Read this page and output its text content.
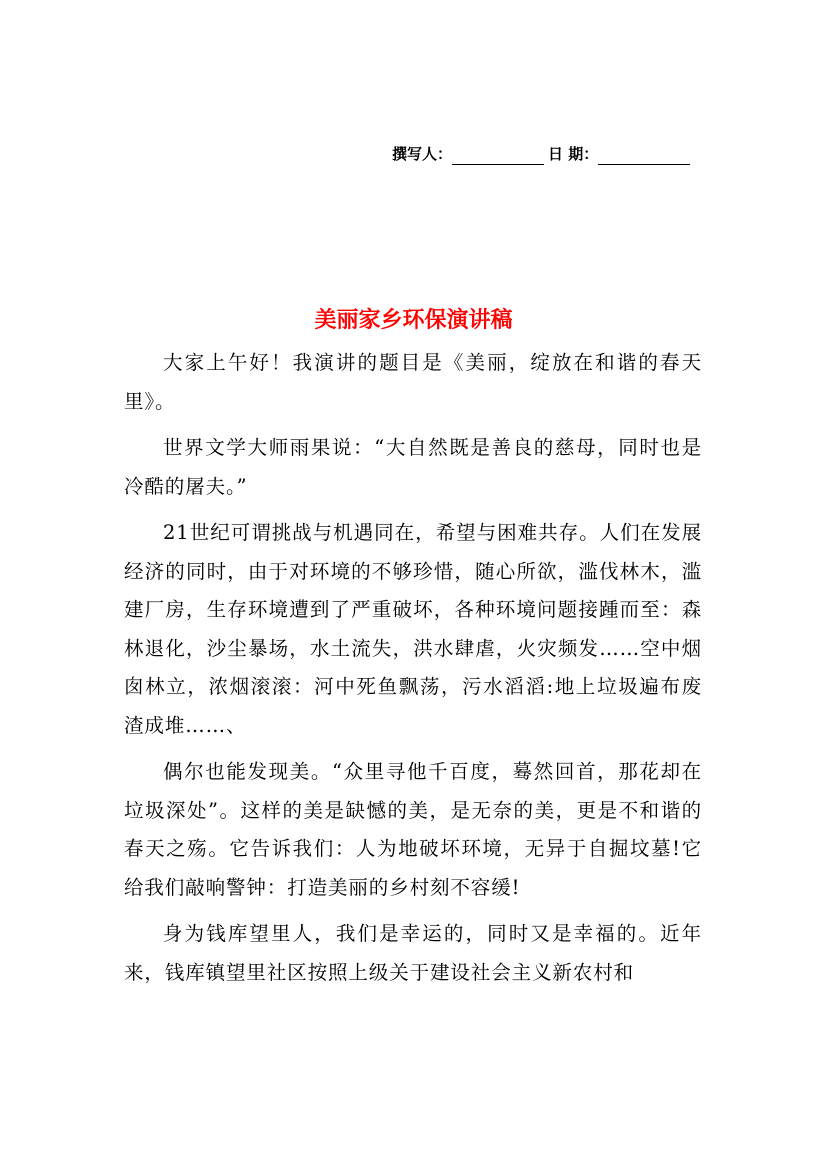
撰写人：	日 期：
美丽家乡环保演讲稿

大家上午好！我演讲的题目是《美丽，绽放在和谐的春天里》。

世界文学大师雨果说：“大自然既是善良的慈母，同时也是冷酷的屠夫。”

21世纪可谓挑战与机遇同在，希望与困难共存。人们在发展经济的同时，由于对环境的不够珍惜，随心所欲，滥伐林木，滥建厂房，生存环境遭到了严重破坏，各种环境问题接踵而至：森林退化，沙尘暴场，水土流失，洪水肆虐，火灾频发……空中烟囱林立，浓烟滚滚：河中死鱼飘荡，污水滔滔:地上垃圾遍布废渣成堆……、

偶尔也能发现美。“众里寻他千百度，蓦然回首，那花却在垃圾深处”。这样的美是缺憾的美，是无奈的美，更是不和谐的春天之殇。它告诉我们：人为地破坏环境，无异于自掘坟墓!它给我们敲响警钟：打造美丽的乡村刻不容缓!

身为钱库望里人，我们是幸运的，同时又是幸福的。近年来，钱库镇望里社区按照上级关于建设社会主义新农村和
